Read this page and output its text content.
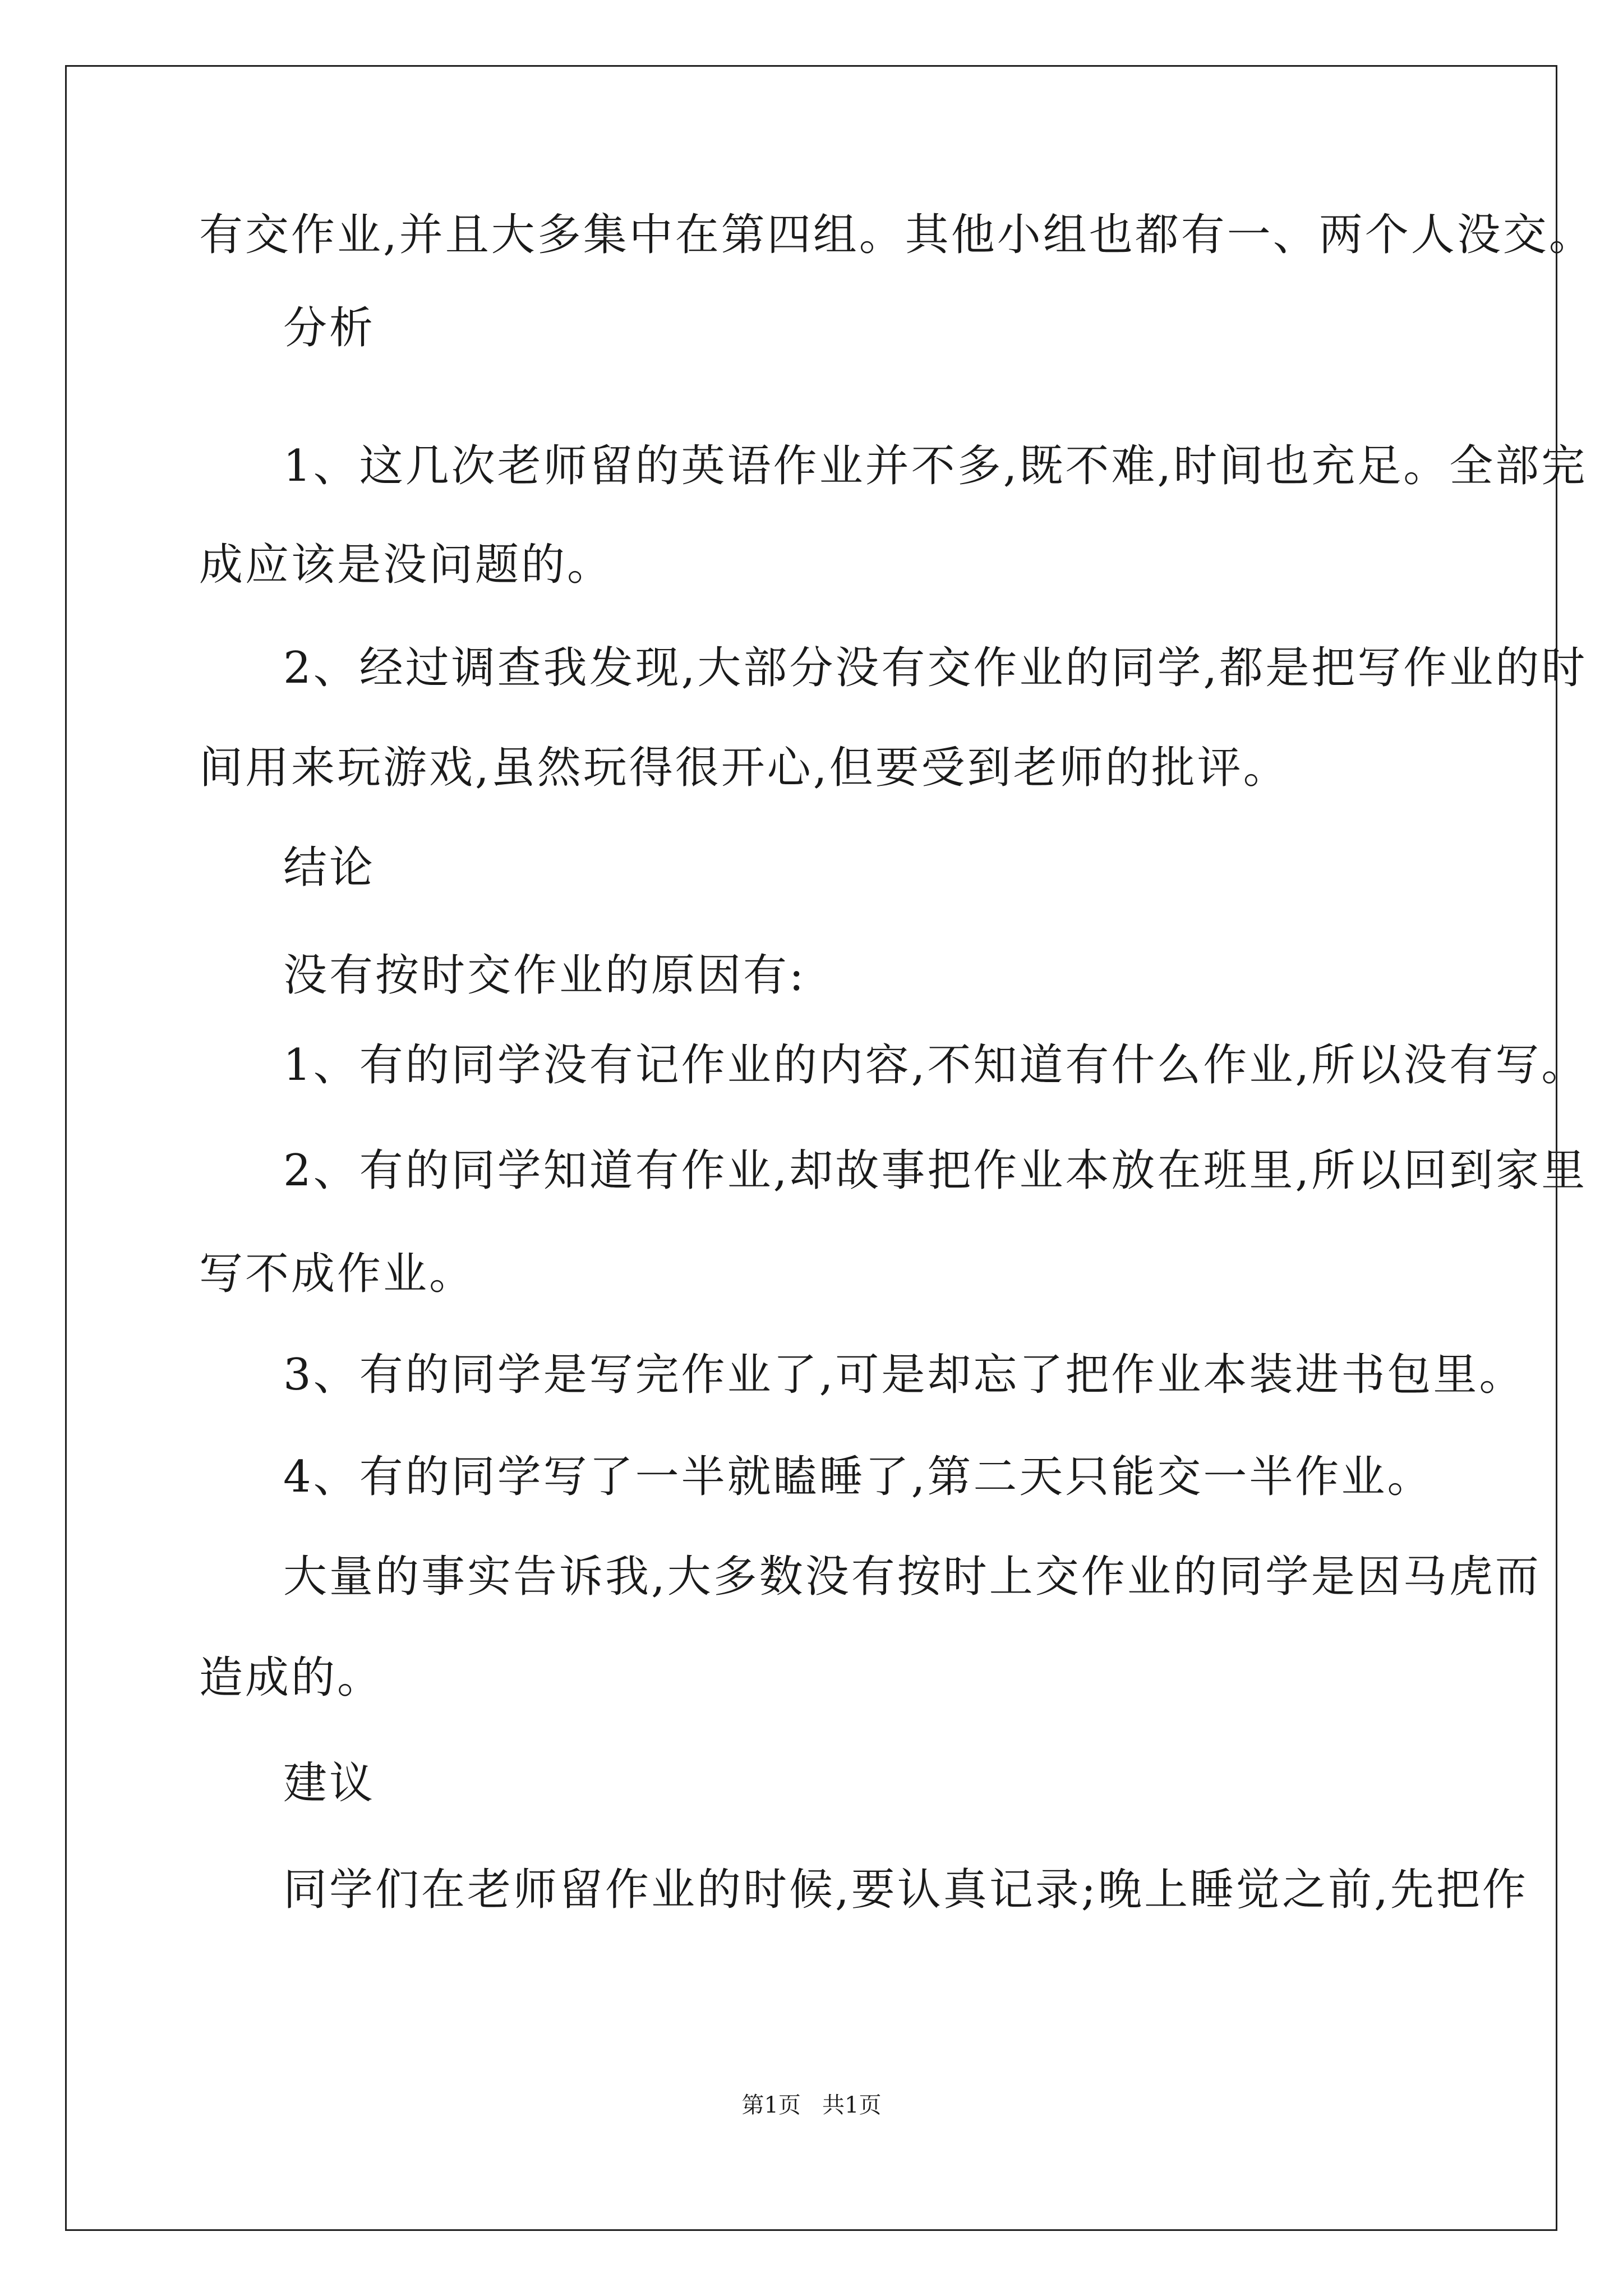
有交作业,并且大多集中在第四组。其他小组也都有一、两个人没交。
分析
1、这几次老师留的英语作业并不多,既不难,时间也充足。全部完
成应该是没问题的。
2、经过调查我发现,大部分没有交作业的同学,都是把写作业的时
间用来玩游戏,虽然玩得很开心,但要受到老师的批评。
结论
没有按时交作业的原因有:
1、有的同学没有记作业的内容,不知道有什么作业,所以没有写。
2、有的同学知道有作业,却故事把作业本放在班里,所以回到家里
写不成作业。
3、有的同学是写完作业了,可是却忘了把作业本装进书包里。
4、有的同学写了一半就瞌睡了,第二天只能交一半作业。
大量的事实告诉我,大多数没有按时上交作业的同学是因马虎而
造成的。
建议
同学们在老师留作业的时候,要认真记录;晚上睡觉之前,先把作
第1页   共1页
